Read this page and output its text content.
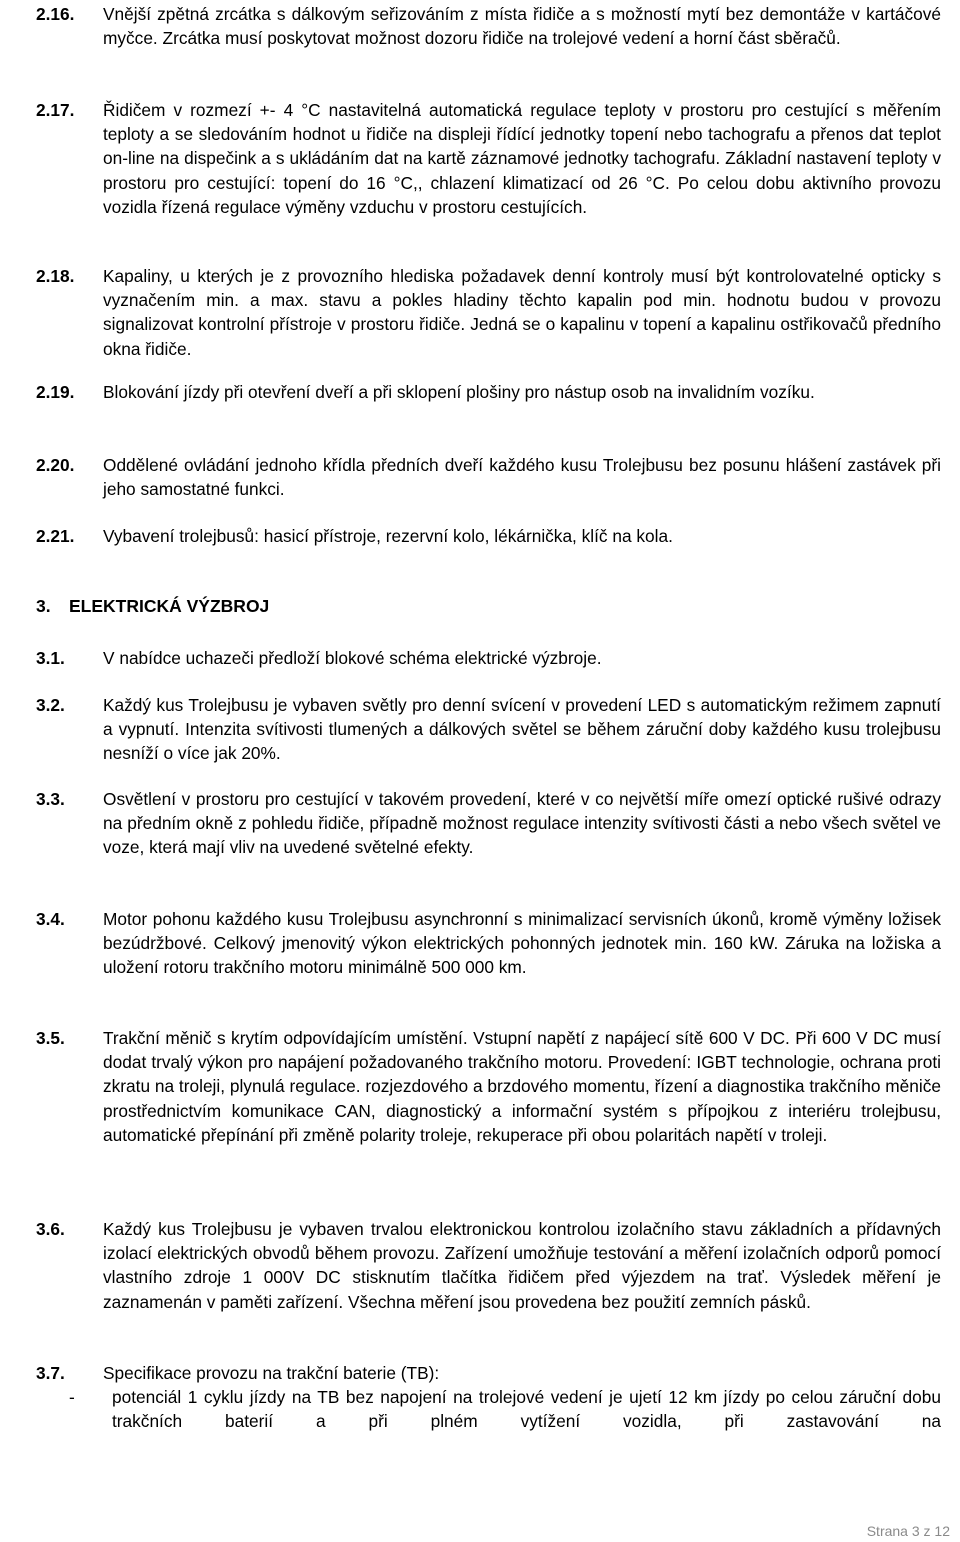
2.16. Vnější zpětná zrcátka s dálkovým seřizováním z místa řidiče a s možností mytí bez demontáže v kartáčové myčce. Zrcátka musí poskytovat možnost dozoru řidiče na trolejové vedení a horní část sběračů.
2.17. Řidičem v rozmezí +- 4 °C nastavitelná automatická regulace teploty v prostoru pro cestující s měřením teploty a se sledováním hodnot u řidiče na displeji řídící jednotky topení nebo tachografu a přenos dat teplot on-line na dispečink a s ukládáním dat na kartě záznamové jednotky tachografu. Základní nastavení teploty v prostoru pro cestující: topení do 16 °C,, chlazení klimatizací od 26 °C. Po celou dobu aktivního provozu vozidla řízená regulace výměny vzduchu v prostoru cestujících.
2.18. Kapaliny, u kterých je z provozního hlediska požadavek denní kontroly musí být kontrolovatelné opticky s vyznačením min. a max. stavu a pokles hladiny těchto kapalin pod min. hodnotu budou v provozu signalizovat kontrolní přístroje v prostoru řidiče. Jedná se o kapalinu v topení a kapalinu ostřikovačů předního okna řidiče.
2.19. Blokování jízdy při otevření dveří a při sklopení plošiny pro nástup osob na invalidním vozíku.
2.20. Oddělené ovládání jednoho křídla předních dveří každého kusu Trolejbusu bez posunu hlášení zastávek při jeho samostatné funkci.
2.21. Vybavení trolejbusů: hasicí přístroje, rezervní kolo, lékárnička, klíč na kola.
3. ELEKTRICKÁ VÝZBROJ
3.1. V nabídce uchazeči předloží blokové schéma elektrické výzbroje.
3.2. Každý kus Trolejbusu je vybaven světly pro denní svícení v provedení LED s automatickým režimem zapnutí a vypnutí. Intenzita svítivosti tlumených a dálkových světel se během záruční doby každého kusu trolejbusu nesníží o více jak 20%.
3.3. Osvětlení v prostoru pro cestující v takovém provedení, které v co největší míře omezí optické rušivé odrazy na předním okně z pohledu řidiče, případně možnost regulace intenzity svítivosti části a nebo všech světel ve voze, která mají vliv na uvedené světelné efekty.
3.4. Motor pohonu každého kusu Trolejbusu asynchronní s minimalizací servisních úkonů, kromě výměny ložisek bezúdržbové. Celkový jmenovitý výkon elektrických pohonných jednotek min. 160 kW. Záruka na ložiska a uložení rotoru trakčního motoru minimálně 500 000 km.
3.5. Trakční měnič s krytím odpovídajícím umístění. Vstupní napětí z napájecí sítě 600 V DC. Při 600 V DC musí dodat trvalý výkon pro napájení požadovaného trakčního motoru. Provedení: IGBT technologie, ochrana proti zkratu na troleji, plynulá regulace. rozjezdového a brzdového momentu, řízení a diagnostika trakčního měniče prostřednictvím komunikace CAN, diagnostický a informační systém s přípojkou z interiéru trolejbusu, automatické přepínání při změně polarity troleje, rekuperace při obou polaritách napětí v troleji.
3.6. Každý kus Trolejbusu je vybaven trvalou elektronickou kontrolou izolačního stavu základních a přídavných izolací elektrických obvodů během provozu. Zařízení umožňuje testování a měření izolačních odporů pomocí vlastního zdroje 1 000V DC stisknutím tlačítka řidičem před výjezdem na trať. Výsledek měření je zaznamenán v paměti zařízení. Všechna měření jsou provedena bez použití zemních pásků.
3.7. Specifikace provozu na trakční baterie (TB):
- potenciál 1 cyklu jízdy na TB bez napojení na trolejové vedení je ujetí 12 km jízdy po celou záruční dobu trakčních baterií a při plném vytížení vozidla, při zastavování na
Strana 3 z 12
